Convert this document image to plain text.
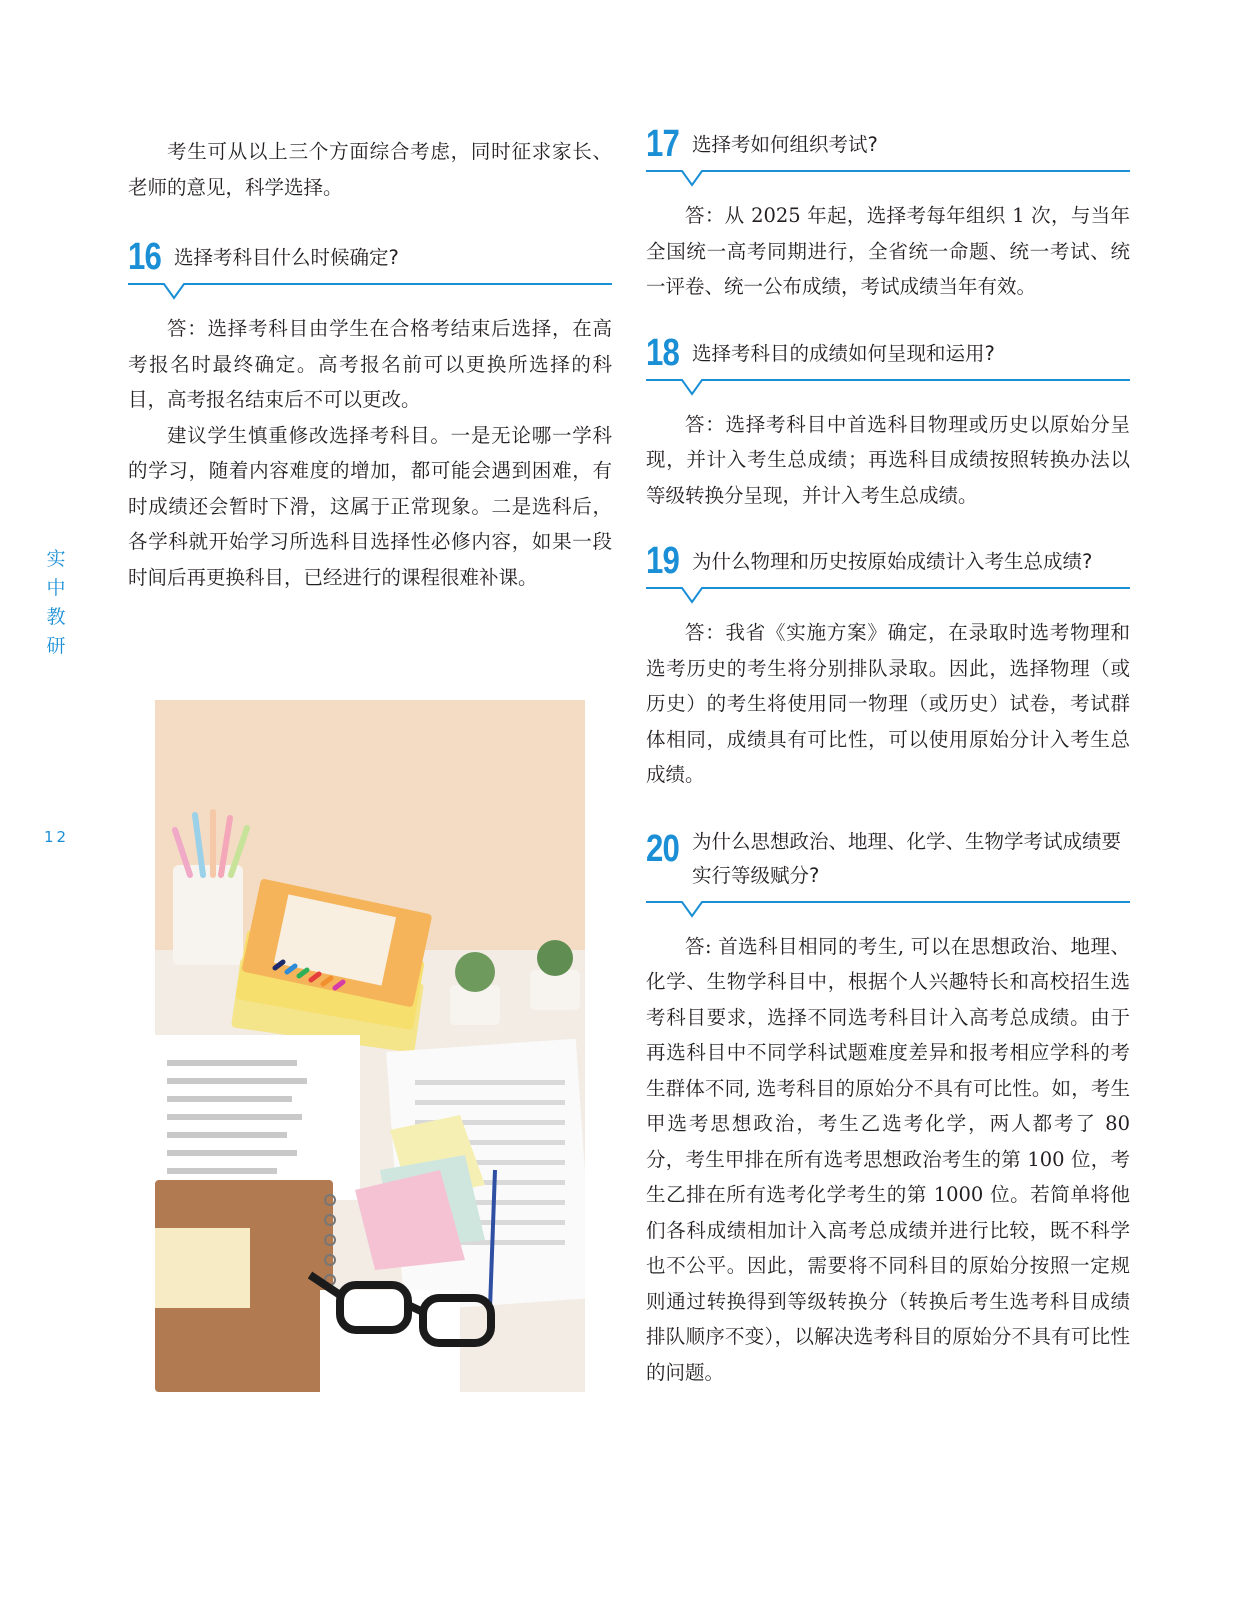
实
中
教
研
12

考生可从以上三个方面综合考虑，同时征求家长、老师的意见，科学选择。

16 选择考科目什么时候确定?

答：选择考科目由学生在合格考结束后选择，在高考报名时最终确定。高考报名前可以更换所选择的科目，高考报名结束后不可以更改。

建议学生慎重修改选择考科目。一是无论哪一学科的学习，随着内容难度的增加，都可能会遇到困难，有时成绩还会暂时下滑，这属于正常现象。二是选科后，各学科就开始学习所选科目选择性必修内容，如果一段时间后再更换科目，已经进行的课程很难补课。

17 选择考如何组织考试?

答：从 2025 年起，选择考每年组织 1 次，与当年全国统一高考同期进行，全省统一命题、统一考试、统一评卷、统一公布成绩，考试成绩当年有效。

18 选择考科目的成绩如何呈现和运用?

答：选择考科目中首选科目物理或历史以原始分呈现，并计入考生总成绩；再选科目成绩按照转换办法以等级转换分呈现，并计入考生总成绩。

19 为什么物理和历史按原始成绩计入考生总成绩?

答：我省《实施方案》确定，在录取时选考物理和选考历史的考生将分别排队录取。因此，选择物理（或历史）的考生将使用同一物理（或历史）试卷，考试群体相同，成绩具有可比性，可以使用原始分计入考生总成绩。

20 为什么思想政治、地理、化学、生物学考试成绩要实行等级赋分?

答: 首选科目相同的考生, 可以在思想政治、地理、化学、生物学科目中，根据个人兴趣特长和高校招生选考科目要求，选择不同选考科目计入高考总成绩。由于再选科目中不同学科试题难度差异和报考相应学科的考生群体不同, 选考科目的原始分不具有可比性。如，考生甲选考思想政治，考生乙选考化学，两人都考了 80 分，考生甲排在所有选考思想政治考生的第 100 位，考生乙排在所有选考化学考生的第 1000 位。若简单将他们各科成绩相加计入高考总成绩并进行比较，既不科学也不公平。因此，需要将不同科目的原始分按照一定规则通过转换得到等级转换分（转换后考生选考科目成绩排队顺序不变），以解决选考科目的原始分不具有可比性的问题。
